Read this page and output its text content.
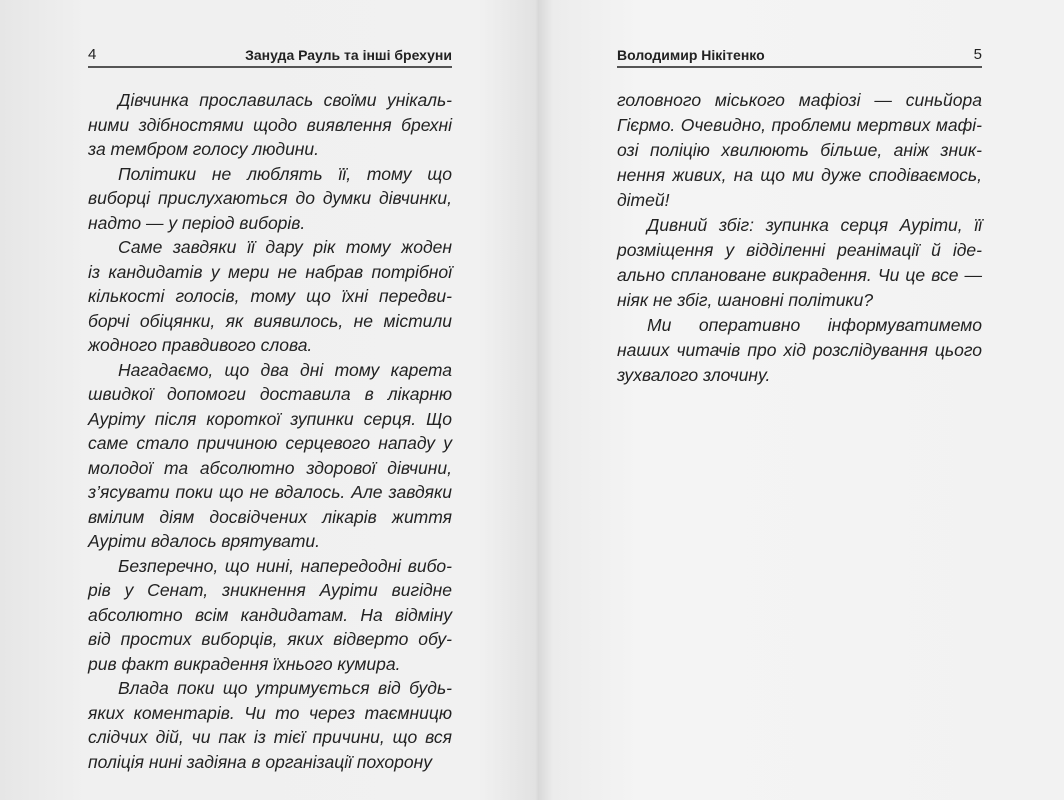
4	Зануда Рауль та інші брехуни
Дівчинка прославилась своїми унікаль-
ними здібностями щодо виявлення брехні
за тембром голосу людини.
Політики не люблять її, тому що
виборці прислухаються до думки дівчинки,
надто — у період виборів.
Саме завдяки її дару рік тому жоден
із кандидатів у мери не набрав потрібної
кількості голосів, тому що їхні передви-
борчі обіцянки, як виявилось, не містили
жодного правдивого слова.
Нагадаємо, що два дні тому карета
швидкої допомоги доставила в лікарню
Ауріту після короткої зупинки серця. Що
саме стало причиною серцевого нападу у
молодої та абсолютно здорової дівчини,
з’ясувати поки що не вдалось. Але завдяки
вмілим діям досвідчених лікарів життя
Ауріти вдалось врятувати.
Безперечно, що нині, напередодні вибо-
рів у Сенат, зникнення Ауріти вигідне
абсолютно всім кандидатам. На відміну
від простих виборців, яких відверто обу-
рив факт викрадення їхнього кумира.
Влада поки що утримується від будь-
яких коментарів. Чи то через таємницю
слідчих дій, чи пак із тієї причини, що вся
поліція нині задіяна в організації похорону
Володимир Нікітенко	5
головного міського мафіозі — синьйора
Гієрмо. Очевидно, проблеми мертвих мафі-
озі поліцію хвилюють більше, аніж зник-
нення живих, на що ми дуже сподіваємось,
дітей!
Дивний збіг: зупинка серця Ауріти, її
розміщення у відділенні реанімації й іде-
ально сплановане викрадення. Чи це все —
ніяк не збіг, шановні політики?
Ми оперативно інформуватимемо
наших читачів про хід розслідування цього
зухвалого злочину.
